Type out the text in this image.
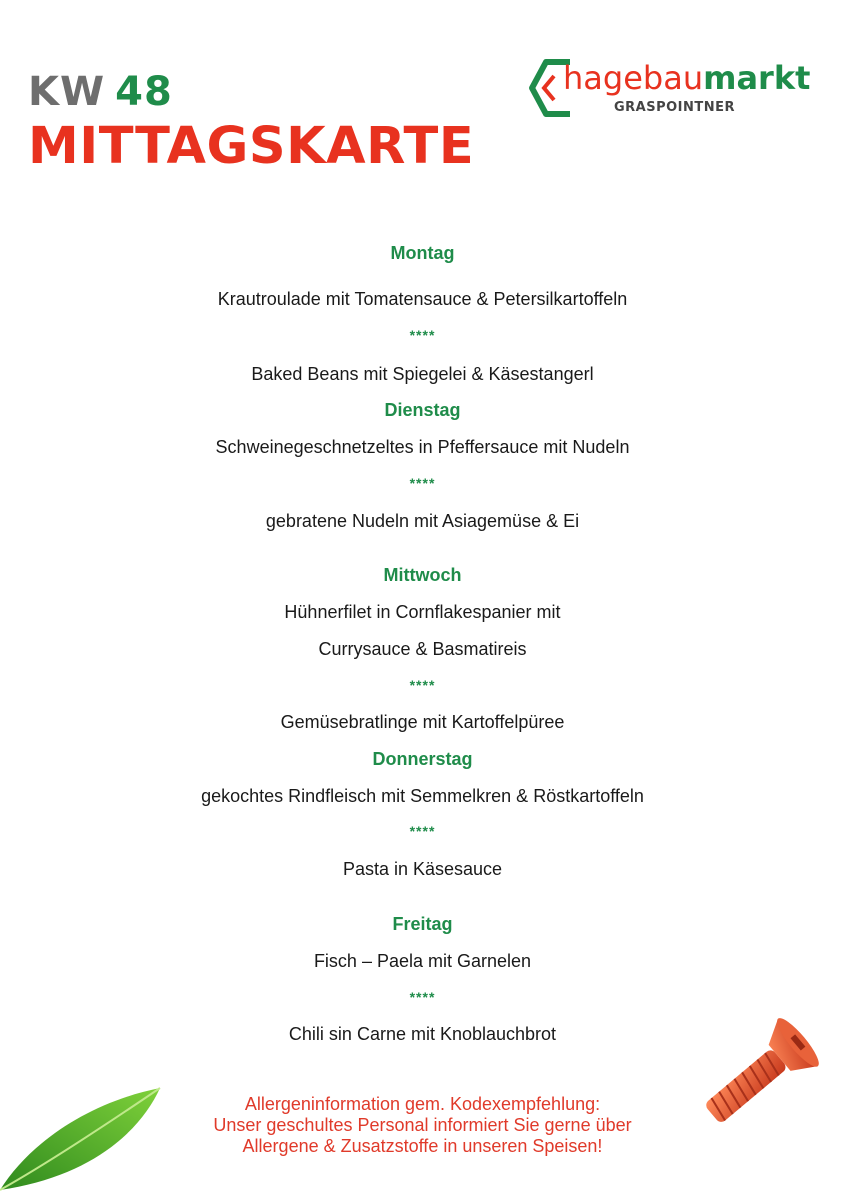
KW 48
MITTAGSKARTE
hagebaumarkt
GRASPOINTNER
Montag
Krautroulade mit Tomatensauce & Petersilkartoffeln
****
Baked Beans mit Spiegelei & Käsestangerl
Dienstag
Schweinegeschnetzeltes in Pfeffersauce mit Nudeln
****
gebratene Nudeln mit Asiagemüse & Ei
Mittwoch
Hühnerfilet in Cornflakespanier mit
Currysauce & Basmatireis
****
Gemüsebratlinge mit Kartoffelpüree
Donnerstag
gekochtes Rindfleisch mit Semmelkren & Röstkartoffeln
****
Pasta in Käsesauce
Freitag
Fisch – Paela mit Garnelen
****
Chili sin Carne mit Knoblauchbrot
Allergeninformation gem. Kodexempfehlung:
Unser geschultes Personal informiert Sie gerne über
Allergene & Zusatzstoffe in unseren Speisen!
